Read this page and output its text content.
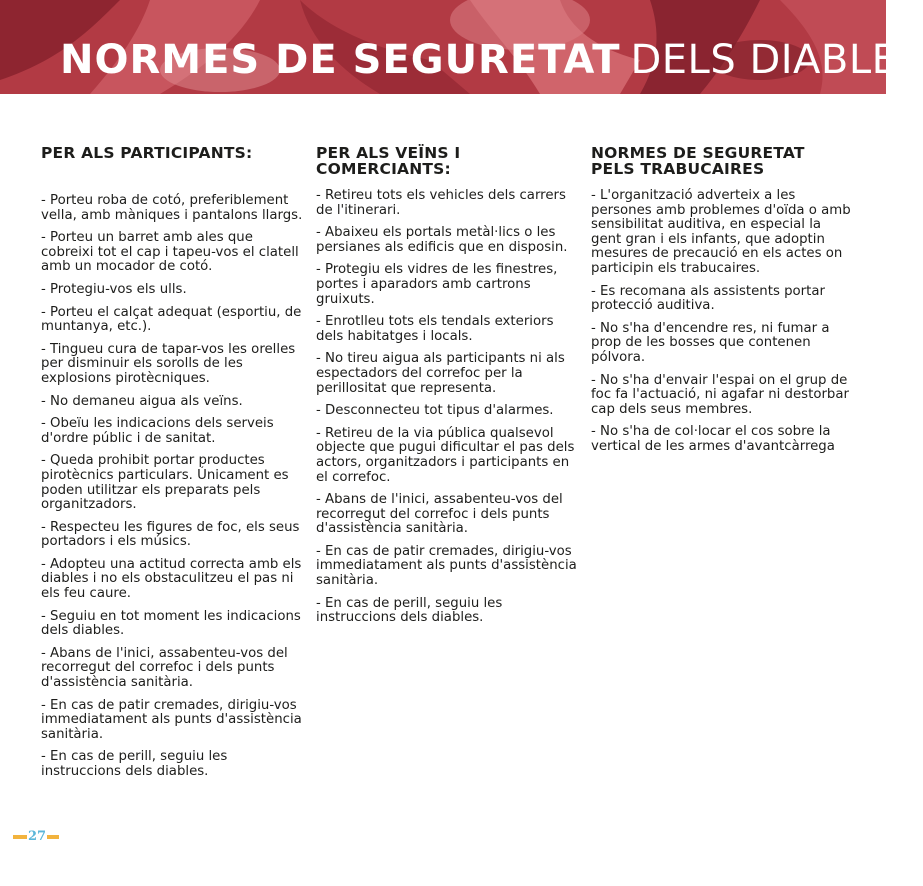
NORMES DE SEGURETAT DELS DIABLES
PER ALS PARTICIPANTS:
- Porteu roba de cotó, preferiblement vella, amb màniques i pantalons llargs.
- Porteu un barret amb ales que cobreixi tot el cap i tapeu-vos el clatell amb un mocador de cotó.
- Protegiu-vos els ulls.
- Porteu el calçat adequat (esportiu, de muntanya, etc.).
- Tingueu cura de tapar-vos les orelles per disminuir els sorolls de les explosions pirotècniques.
- No demaneu aigua als veïns.
- Obeïu les indicacions dels serveis d'ordre públic i de sanitat.
- Queda prohibit portar productes pirotècnics particulars. Únicament es poden utilitzar els preparats pels organitzadors.
- Respecteu les figures de foc, els seus portadors i els músics.
- Adopteu una actitud correcta amb els diables i no els obstaculitzeu el pas ni els feu caure.
- Seguiu en tot moment les indicacions dels diables.
- Abans de l'inici, assabenteu-vos del recorregut del correfoc i dels punts d'assistència sanitària.
- En cas de patir cremades, dirigiu-vos immediatament als punts d'assistència sanitària.
- En cas de perill, seguiu les instruccions dels diables.
PER ALS VEÏNS I COMERCIANTS:
- Retireu tots els vehicles dels carrers de l'itinerari.
- Abaixeu els portals metàl·lics o les persianes als edificis que en disposin.
- Protegiu els vidres de les finestres, portes i aparadors amb cartrons gruixuts.
- Enrotlleu tots els tendals exteriors dels habitatges i locals.
- No tireu aigua als participants ni als espectadors del correfoc per la perillositat que representa.
- Desconnecteu tot tipus d'alarmes.
- Retireu de la via pública qualsevol objecte que pugui dificultar el pas dels actors, organitzadors i participants en el correfoc.
- Abans de l'inici, assabenteu-vos del recorregut del correfoc i dels punts d'assistència sanitària.
- En cas de patir cremades, dirigiu-vos immediatament als punts d'assistència sanitària.
- En cas de perill, seguiu les instruccions dels diables.
NORMES DE SEGURETAT PELS TRABUCAIRES
- L'organització adverteix a les persones amb problemes d'oïda o amb sensibilitat auditiva, en especial la gent gran i els infants, que adoptin mesures de precaució en els actes on participin els trabucaires.
- Es recomana als assistents portar protecció auditiva.
- No s'ha d'encendre res, ni fumar a prop de les bosses que contenen pólvora.
- No s'ha d'envair l'espai on el grup de foc fa l'actuació, ni agafar ni destorbar cap dels seus membres.
- No s'ha de col·locar el cos sobre la vertical de les armes d'avantcàrrega
27
